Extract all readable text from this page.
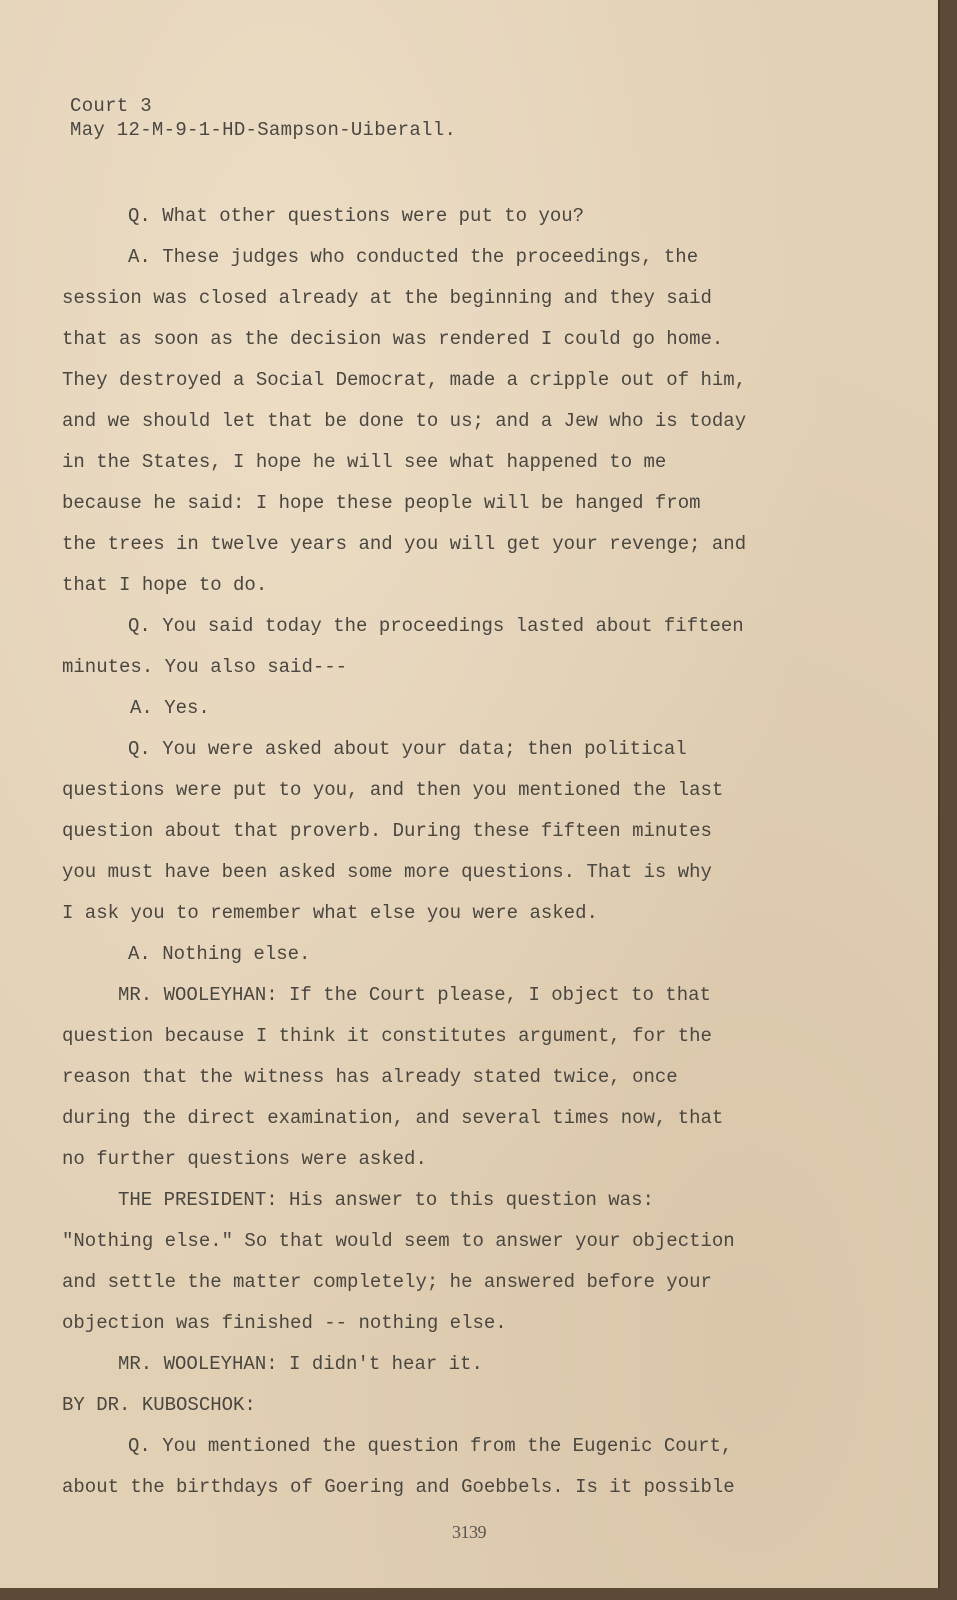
Court 3
May 12-M-9-1-HD-Sampson-Uiberall.
Q. What other questions were put to you?
A. These judges who conducted the proceedings, the
session was closed already at the beginning and they said
that as soon as the decision was rendered I could go home.
They destroyed a Social Democrat, made a cripple out of him,
and we should let that be done to us; and a Jew who is today
in the States, I hope he will see what happened to me
because he said: I hope these people will be hanged from
the trees in twelve years and you will get your revenge; and
that I hope to do.
Q. You said today the proceedings lasted about fifteen
minutes. You also said---
A. Yes.
Q. You were asked about your data; then political
questions were put to you, and then you mentioned the last
question about that proverb. During these fifteen minutes
you must have been asked some more questions. That is why
I ask you to remember what else you were asked.
A. Nothing else.
MR. WOOLEYHAN: If the Court please, I object to that
question because I think it constitutes argument, for the
reason that the witness has already stated twice, once
during the direct examination, and several times now, that
no further questions were asked.
THE PRESIDENT: His answer to this question was:
"Nothing else." So that would seem to answer your objection
and settle the matter completely; he answered before your
objection was finished -- nothing else.
MR. WOOLEYHAN: I didn't hear it.
BY DR. KUBOSCHOK:
Q. You mentioned the question from the Eugenic Court,
about the birthdays of Goering and Goebbels. Is it possible
3139
